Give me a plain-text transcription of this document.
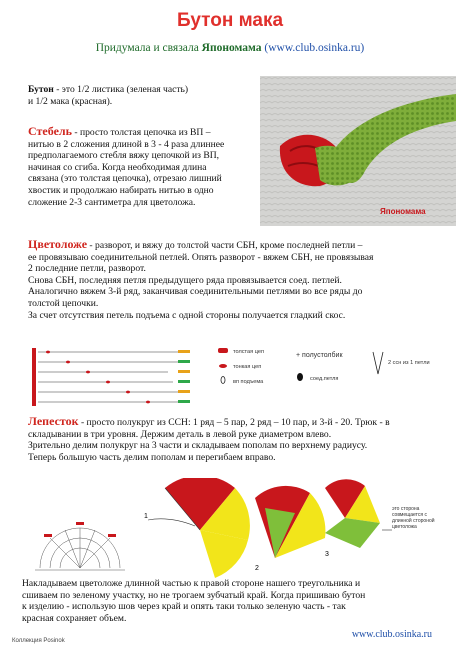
Бутон мака
Придумала и связала Япономама (www.club.osinka.ru)
Бутон - это 1/2 листика (зеленая часть)
и 1/2 мака (красная).
Стебель - просто толстая цепочка из ВП –
нитью в 2 сложения длиной в 3 - 4 раза длиннее
предполагаемого стебля вяжу цепочкой из ВП,
начиная со сгиба. Когда необходимая длина
связана (это толстая цепочка), отрезаю лишний
хвостик и продолжаю набирать нитью в одно
сложение 2-3 сантиметра для цветоложа.
Япономама
Цветоложе - разворот, и вяжу до толстой части СБН, кроме последней петли –
ее провязываю соединительной петлей. Опять разворот - вяжем СБН, не провязывая
2 последние петли, разворот.
Снова СБН, последняя петля предыдущего ряда провязывается соед. петлей.
Аналогично вяжем 3-й ряд, заканчивая соединительными петлями во все ряды до
толстой цепочки.
За счет отсутствия петель подъема с одной стороны получается гладкий скос.
толстая цеп
тонкая цеп
вп подъема
+ полустолбик
соед.петля
2 ссн из 1 петли
Лепесток - просто полукруг из ССН: 1 ряд – 5 пар, 2 ряд – 10 пар, и 3-й - 20. Трюк - в
складывании в три уровня. Держим деталь в левой руке диаметром влево.
Зрительно делим полукруг на 3 части и складываем пополам по верхнему радиусу.
Теперь большую часть делим пополам и перегибаем вправо.
1
2
3
это сторона совмещается с длинной стороной цветоложа
Накладываем цветоложе длинной частью к правой стороне нашего треугольника и
сшиваем по зеленому участку, но не трогаем зубчатый край. Когда пришиваю бутон
к изделию - использую шов через край и опять таки только зеленую часть - так
красная сохраняет объем.
Коллекция Posinok
www.club.osinka.ru
